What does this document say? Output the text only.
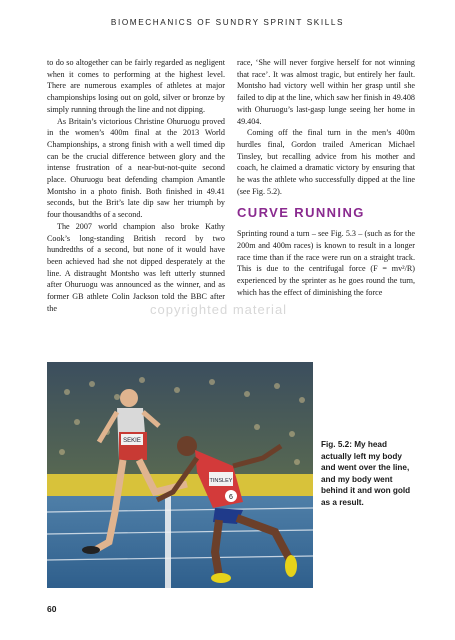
BIOMECHANICS OF SUNDRY SPRINT SKILLS

to do so altogether can be fairly regarded as negligent when it comes to performing at the highest level. There are numerous examples of athletes at major championships losing out on gold, silver or bronze by simply running through the line and not dipping.

As Britain’s victorious Christine Ohuruogu proved in the women’s 400m final at the 2013 World Championships, a strong finish with a well timed dip can be the crucial difference between glory and the intense frustration of a near-but-not-quite second place. Ohuruogu beat defending champion Amantle Montsho in a photo finish. Both finished in 49.41 seconds, but the Brit’s late dip saw her triumph by four thousandths of a second.

The 2007 world champion also broke Kathy Cook’s long-standing British record by two hundredths of a second, but none of it would have been achieved had she not dipped desperately at the line. A distraught Montsho was left utterly stunned after Ohuruogu was announced as the winner, and as former GB athlete Colin Jackson told the BBC after the

race, ‘She will never forgive herself for not winning that race’. It was almost tragic, but entirely her fault. Montsho had victory well within her grasp until she failed to dip at the line, which saw her finish in 49.408 with Ohuruogu’s last-gasp lunge seeing her home in 49.404.

Coming off the final turn in the men’s 400m hurdles final, Gordon trailed American Michael Tinsley, but recalling advice from his mother and coach, he claimed a dramatic victory by ensuring that he was the athlete who successfully dipped at the line (see Fig. 5.2).

CURVE RUNNING

Sprinting round a turn – see Fig. 5.3 – (such as for the 200m and 400m races) is known to result in a longer race time than if the race were run on a straight track. This is due to the centrifugal force (F = mv²/R) experienced by the sprinter as he goes round the turn, which has the effect of diminishing the force

copyrighted material
SEKIE
TINSLEY
6
Fig. 5.2: My head actually left my body and went over the line, and my body went behind it and won gold as a result.
60
